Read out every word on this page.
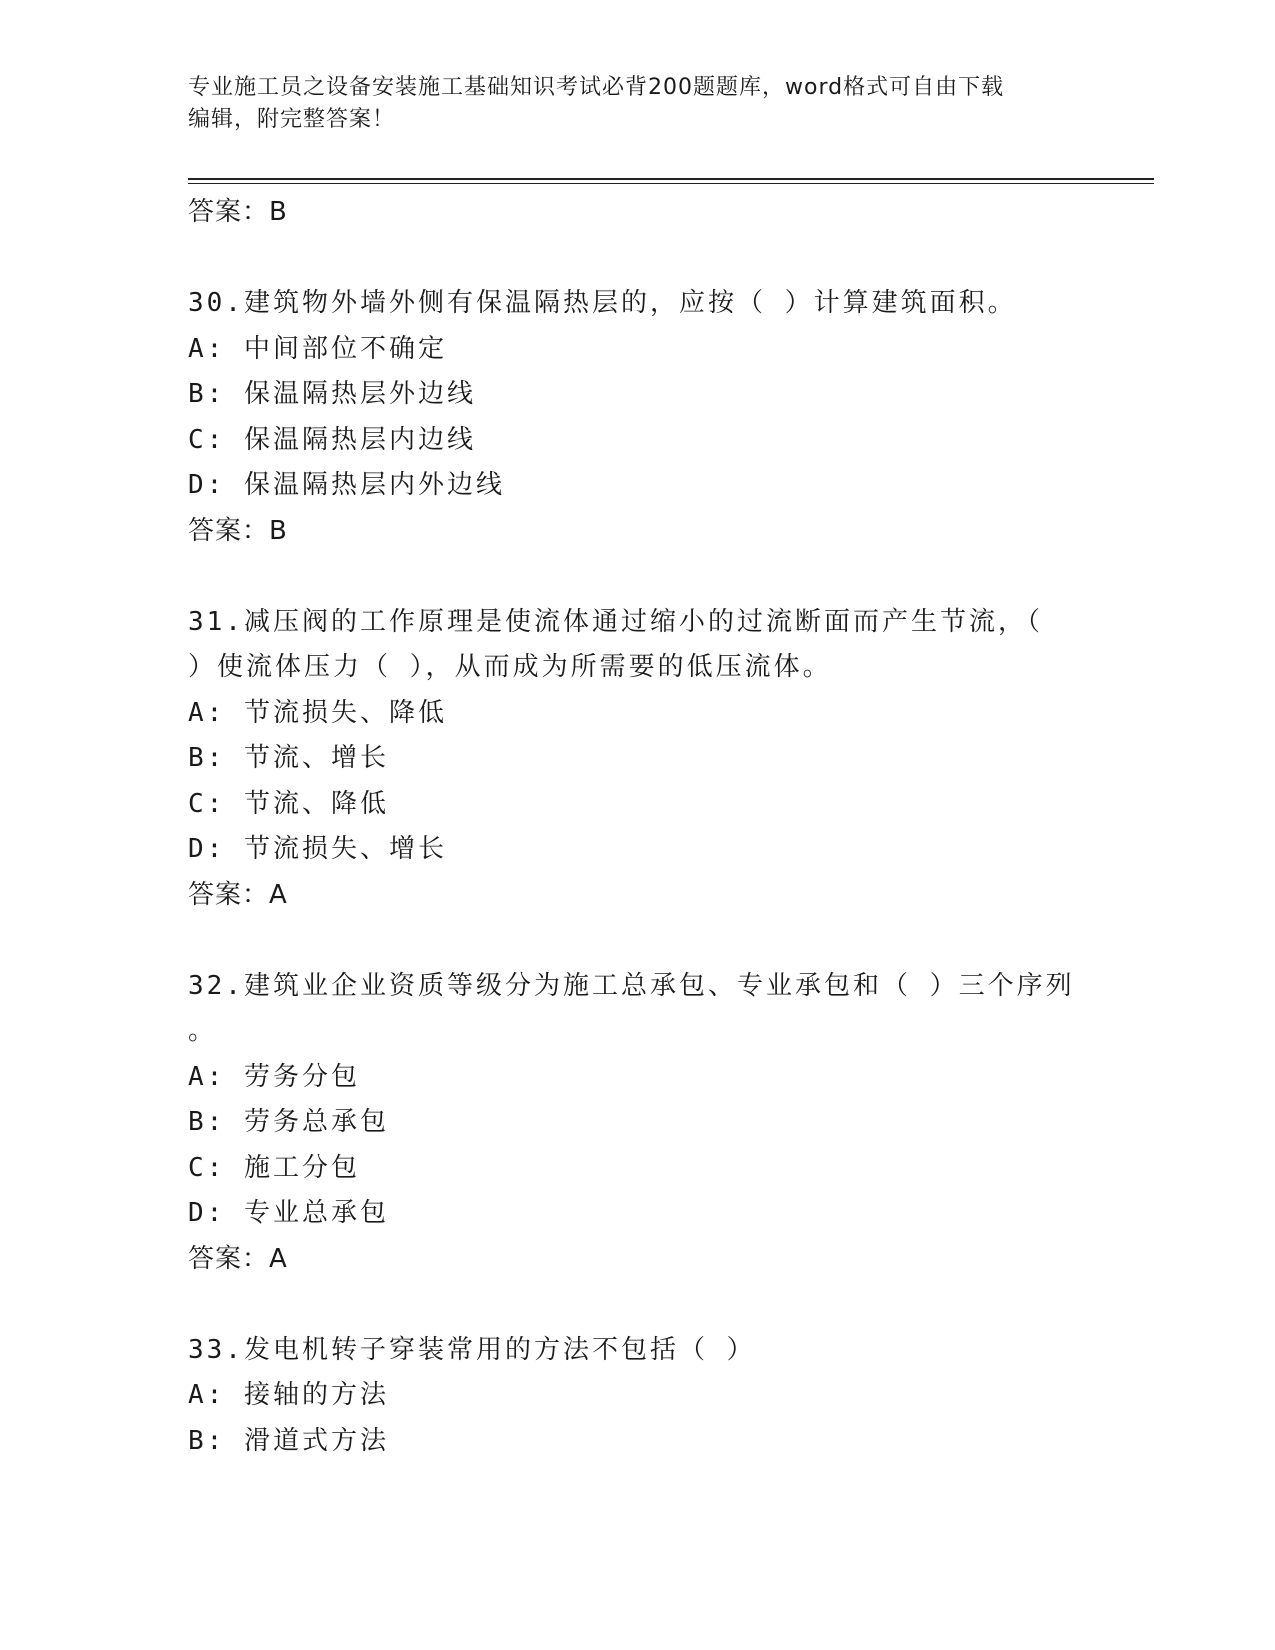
专业施工员之设备安装施工基础知识考试必背200题题库，word格式可自由下载
编辑，附完整答案！
答案：B
30.建筑物外墙外侧有保温隔热层的，应按（ ）计算建筑面积。
A: 中间部位不确定
B: 保温隔热层外边线
C: 保温隔热层内边线
D: 保温隔热层内外边线
答案：B
31.减压阀的工作原理是使流体通过缩小的过流断面而产生节流，（
）使流体压力（ ），从而成为所需要的低压流体。
A: 节流损失、降低
B: 节流、增长
C: 节流、降低
D: 节流损失、增长
答案：A
32.建筑业企业资质等级分为施工总承包、专业承包和（ ）三个序列
。
A: 劳务分包
B: 劳务总承包
C: 施工分包
D: 专业总承包
答案：A
33.发电机转子穿装常用的方法不包括（ ）
A: 接轴的方法
B: 滑道式方法
